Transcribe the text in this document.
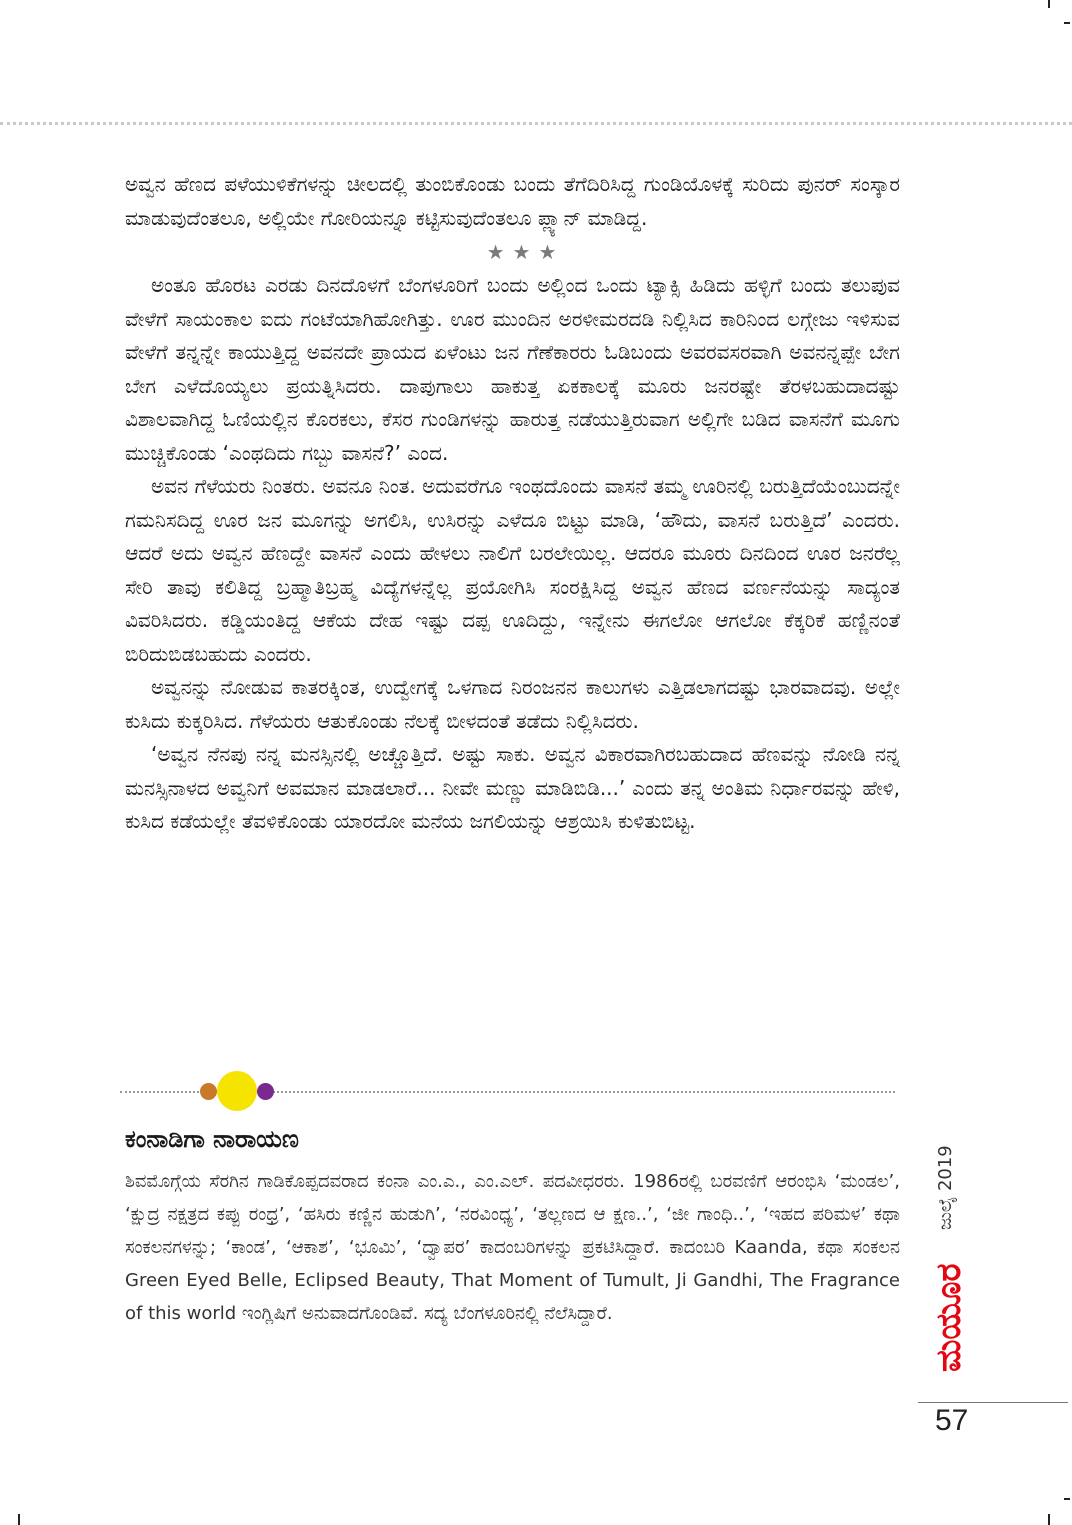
ಅವ್ವನ ಹೆಣದ ಪಳೆಯುಳಿಕೆಗಳನ್ನು ಚೀಲದಲ್ಲಿ ತುಂಬಿಕೊಂಡು ಬಂದು ತೆಗೆದಿರಿಸಿದ್ದ ಗುಂಡಿಯೊಳಕ್ಕೆ ಸುರಿದು ಪುನರ್ ಸಂಸ್ಕಾರ ಮಾಡುವುದೆಂತಲೂ, ಅಲ್ಲಿಯೇ ಗೋರಿಯನ್ನೂ ಕಟ್ಟಿಸುವುದೆಂತಲೂ ಪ್ಲ್ಯಾನ್ ಮಾಡಿದ್ದ.

★★★

ಅಂತೂ ಹೊರಟ ಎರಡು ದಿನದೊಳಗೆ ಬೆಂಗಳೂರಿಗೆ ಬಂದು ಅಲ್ಲಿಂದ ಒಂದು ಟ್ಯಾಕ್ಸಿ ಹಿಡಿದು ಹಳ್ಳಿಗೆ ಬಂದು ತಲುಪುವ ವೇಳೆಗೆ ಸಾಯಂಕಾಲ ಐದು ಗಂಟೆಯಾಗಿಹೋಗಿತ್ತು. ಊರ ಮುಂದಿನ ಅರಳೀಮರದಡಿ ನಿಲ್ಲಿಸಿದ ಕಾರಿನಿಂದ ಲಗ್ಗೇಜು ಇಳಿಸುವ ವೇಳೆಗೆ ತನ್ನನ್ನೇ ಕಾಯುತ್ತಿದ್ದ ಅವನದೇ ಪ್ರಾಯದ ಏಳೆಂಟು ಜನ ಗೆಣೆಕಾರರು ಓಡಿಬಂದು ಅವರವಸರವಾಗಿ ಅವನನ್ನಪ್ಪೇ ಬೇಗ ಬೇಗ ಎಳೆದೊಯ್ಯಲು ಪ್ರಯತ್ನಿಸಿದರು. ದಾಪುಗಾಲು ಹಾಕುತ್ತ ಏಕಕಾಲಕ್ಕೆ ಮೂರು ಜನರಷ್ಟೇ ತೆರಳಬಹುದಾದಷ್ಟು ವಿಶಾಲವಾಗಿದ್ದ ಓಣಿಯಲ್ಲಿನ ಕೊರಕಲು, ಕೆಸರ ಗುಂಡಿಗಳನ್ನು ಹಾರುತ್ತ ನಡೆಯುತ್ತಿರುವಾಗ ಅಲ್ಲಿಗೇ ಬಡಿದ ವಾಸನೆಗೆ ಮೂಗು ಮುಚ್ಚಿಕೊಂಡು ‘ಎಂಥದಿದು ಗಬ್ಬು ವಾಸನೆ?’ ಎಂದ.

ಅವನ ಗೆಳೆಯರು ನಿಂತರು. ಅವನೂ ನಿಂತ. ಅದುವರೆಗೂ ಇಂಥದೊಂದು ವಾಸನೆ ತಮ್ಮ ಊರಿನಲ್ಲಿ ಬರುತ್ತಿದೆಯೆಂಬುದನ್ನೇ ಗಮನಿಸದಿದ್ದ ಊರ ಜನ ಮೂಗನ್ನು ಅಗಲಿಸಿ, ಉಸಿರನ್ನು ಎಳೆದೂ ಬಿಟ್ಟು ಮಾಡಿ, ‘ಹೌದು, ವಾಸನೆ ಬರುತ್ತಿದೆ’ ಎಂದರು. ಆದರೆ ಅದು ಅವ್ವನ ಹೆಣದ್ದೇ ವಾಸನೆ ಎಂದು ಹೇಳಲು ನಾಲಿಗೆ ಬರಲೇಯಿಲ್ಲ. ಆದರೂ ಮೂರು ದಿನದಿಂದ ಊರ ಜನರೆಲ್ಲ ಸೇರಿ ತಾವು ಕಲಿತಿದ್ದ ಬ್ರಹ್ಮಾತಿಬ್ರಹ್ಮ ವಿದ್ಯೆಗಳನ್ನೆಲ್ಲ ಪ್ರಯೋಗಿಸಿ ಸಂರಕ್ಷಿಸಿದ್ದ ಅವ್ವನ ಹೆಣದ ವರ್ಣನೆಯನ್ನು ಸಾದ್ಯಂತ ವಿವರಿಸಿದರು. ಕಡ್ಡಿಯಂತಿದ್ದ ಆಕೆಯ ದೇಹ ಇಷ್ಟು ದಪ್ಪ ಊದಿದ್ದು, ಇನ್ನೇನು ಈಗಲೋ ಆಗಲೋ ಕೆಕ್ಕರಿಕೆ ಹಣ್ಣಿನಂತೆ ಬಿರಿದುಬಿಡಬಹುದು ಎಂದರು.

ಅವ್ವನನ್ನು ನೋಡುವ ಕಾತರಕ್ಕಿಂತ, ಉದ್ವೇಗಕ್ಕೆ ಒಳಗಾದ ನಿರಂಜನನ ಕಾಲುಗಳು ಎತ್ತಿಡಲಾಗದಷ್ಟು ಭಾರವಾದವು. ಅಲ್ಲೇ ಕುಸಿದು ಕುಕ್ಕರಿಸಿದ. ಗೆಳೆಯರು ಆತುಕೊಂಡು ನೆಲಕ್ಕೆ ಬೀಳದಂತೆ ತಡೆದು ನಿಲ್ಲಿಸಿದರು.

‘ಅವ್ವನ ನೆನಪು ನನ್ನ ಮನಸ್ಸಿನಲ್ಲಿ ಅಚ್ಚೊತ್ತಿದೆ. ಅಷ್ಟು ಸಾಕು. ಅವ್ವನ ವಿಕಾರವಾಗಿರಬಹುದಾದ ಹೆಣವನ್ನು ನೋಡಿ ನನ್ನ ಮನಸ್ಸಿನಾಳದ ಅವ್ವನಿಗೆ ಅವಮಾನ ಮಾಡಲಾರೆ... ನೀವೇ ಮಣ್ಣು ಮಾಡಿಬಿಡಿ...’ ಎಂದು ತನ್ನ ಅಂತಿಮ ನಿರ್ಧಾರವನ್ನು ಹೇಳಿ, ಕುಸಿದ ಕಡೆಯಲ್ಲೇ ತೆವಳಿಕೊಂಡು ಯಾರದೋ ಮನೆಯ ಜಗಲಿಯನ್ನು ಆಶ್ರಯಿಸಿ ಕುಳಿತುಬಿಟ್ಟ.

ಕಂನಾಡಿಗಾ ನಾರಾಯಣ

ಶಿವಮೊಗ್ಗೆಯ ಸೆರಗಿನ ಗಾಡಿಕೊಪ್ಪದವರಾದ ಕಂನಾ ಎಂ.ಎ., ಎಂ.ಎಲ್. ಪದವೀಧರರು. 1986ರಲ್ಲಿ ಬರವಣಿಗೆ ಆರಂಭಿಸಿ ‘ಮಂಡಲ’, ‘ಕ್ಷುದ್ರ ನಕ್ಷತ್ರದ ಕಪ್ಪು ರಂಧ್ರ’, ‘ಹಸಿರು ಕಣ್ಣಿನ ಹುಡುಗಿ’, ‘ನರವಿಂಧ್ಯ’, ‘ತಲ್ಲಣದ ಆ ಕ್ಷಣ..’, ‘ಜೀ ಗಾಂಧಿ..’, ‘ಇಹದ ಪರಿಮಳ’ ಕಥಾ ಸಂಕಲನಗಳನ್ನು; ‘ಕಾಂಡ’, ‘ಆಕಾಶ’, ‘ಭೂಮಿ’, ‘ದ್ವಾಪರ’ ಕಾದಂಬರಿಗಳನ್ನು ಪ್ರಕಟಿಸಿದ್ದಾರೆ. ಕಾದಂಬರಿ Kaanda, ಕಥಾ ಸಂಕಲನ Green Eyed Belle, Eclipsed Beauty, That Moment of Tumult, Ji Gandhi, The Fragrance of this world ಇಂಗ್ಲಿಷಿಗೆ ಅನುವಾದಗೊಂಡಿವೆ. ಸದ್ಯ ಬೆಂಗಳೂರಿನಲ್ಲಿ ನೆಲೆಸಿದ್ದಾರೆ.

ಜುಲೈ 2019
ಮಯೂರ
57
